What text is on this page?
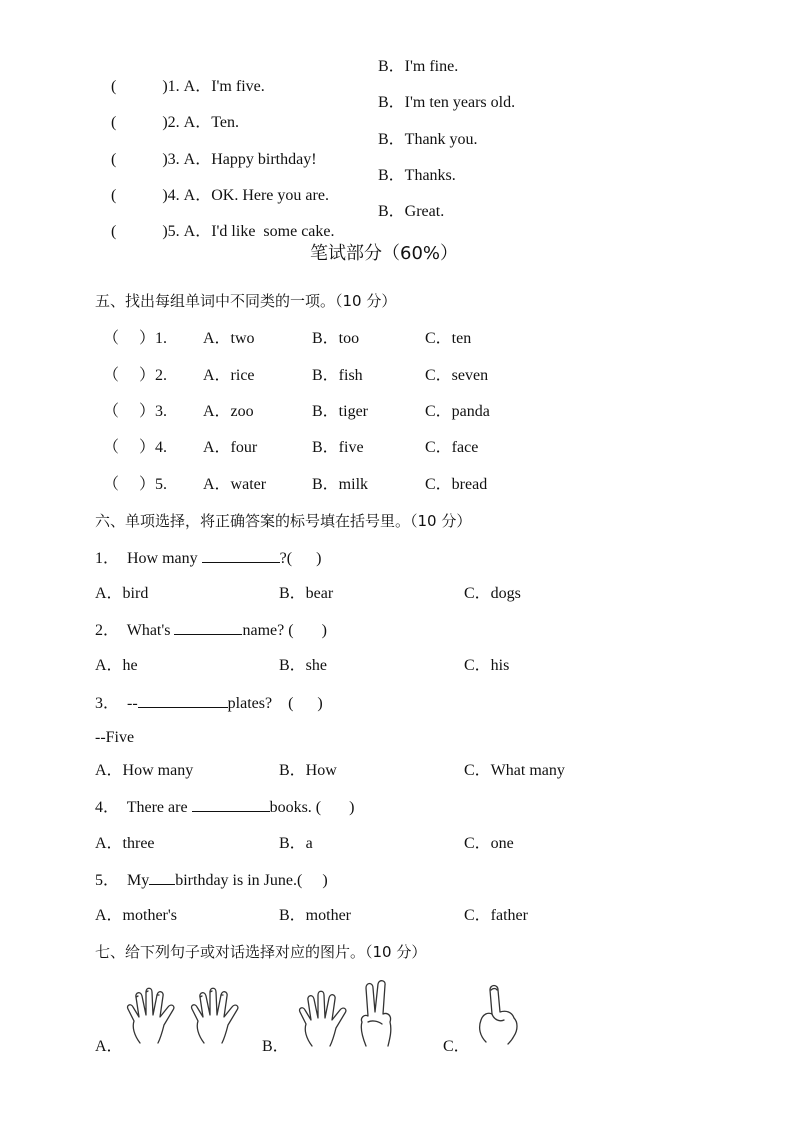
(	)1. A．I'm five.

B．I'm fine.

(	)2. A．Ten.

B．I'm ten years old.

(	)3. A．Happy birthday!

B．Thank you.

(	)4. A．OK. Here you are.

B．Thanks.

(	)5. A．I'd like  some cake.

B．Great.
笔试部分（60%）
五、找出每组单词中不同类的一项。（10 分）
（ ）1. A．two	B．too	C．ten
（ ）2. A．rice	B．fish	C．seven
（ ）3. A．zoo	B．tiger	C．panda
（ ）4. A．four	B．five	C．face
（ ）5. A．water	B．milk	C．bread
六、单项选择，将正确答案的标号填在括号里。（10 分）
1．  How many	?(      )
A．bird	B．bear	C．dogs
2．  What's	name? (       )
A．he	B．she	C．his
3．  --	plates?    (      )
--Five
A．How many	B．How	C．What many
4．  There are	books. (       )
A．three	B．a	C．one
5．  My birthday is in June.(     )
A．mother's	B．mother	C．father
七、给下列句子或对话选择对应的图片。（10 分）
A．	B．	C．
